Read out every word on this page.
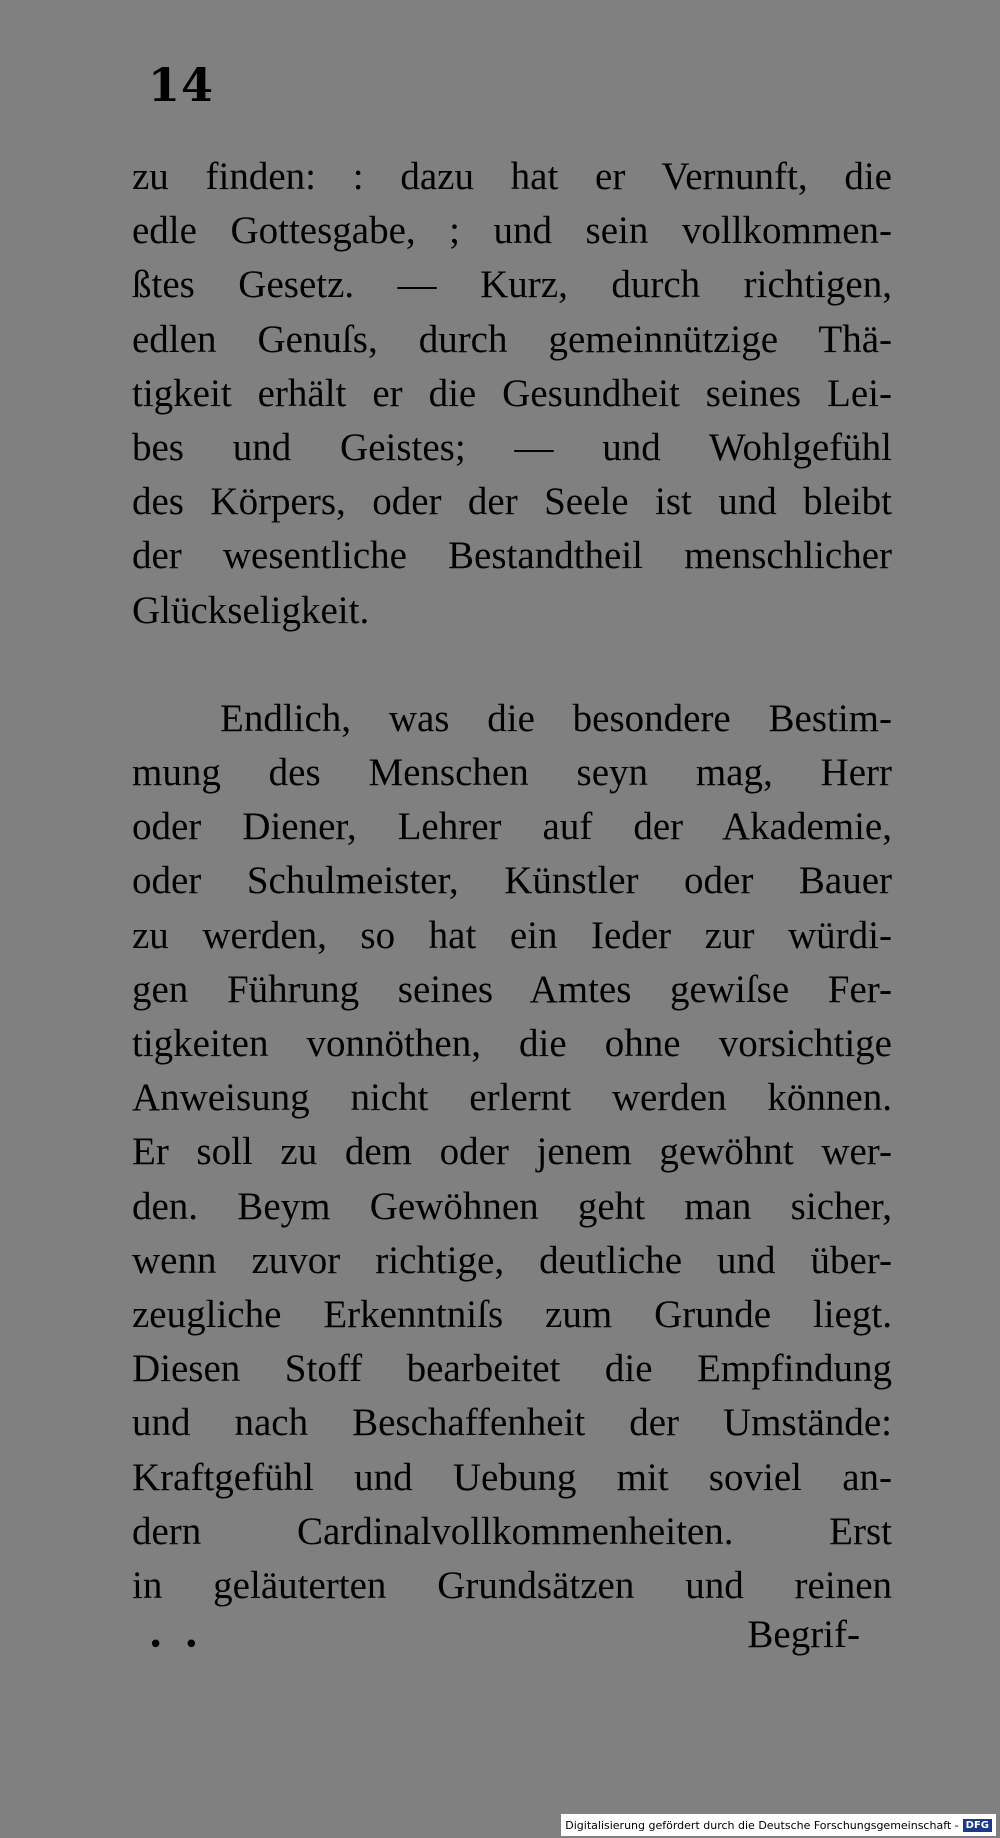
14
zu finden: : dazu hat er Vernunft, die
edle Gottesgabe, ; und sein vollkommen-
ßtes Gesetz. — Kurz, durch richtigen,
edlen Genuſs, durch gemeinnützige Thä-
tigkeit erhält er die Gesundheit seines Lei-
bes und Geistes; — und Wohlgefühl
des Körpers, oder der Seele ist und bleibt
der wesentliche Bestandtheil menschlicher
Glückseligkeit.
Endlich, was die besondere Bestim-
mung des Menschen seyn mag, Herr
oder Diener, Lehrer auf der Akademie,
oder Schulmeister, Künstler oder Bauer
zu werden, so hat ein Ieder zur würdi-
gen Führung seines Amtes gewiſse Fer-
tigkeiten vonnöthen, die ohne vorsichtige
Anweisung nicht erlernt werden können.
Er soll zu dem oder jenem gewöhnt wer-
den. Beym Gewöhnen geht man sicher,
wenn zuvor richtige, deutliche und über-
zeugliche Erkenntniſs zum Grunde liegt.
Diesen Stoff bearbeitet die Empfindung
und nach Beschaffenheit der Umstände:
Kraftgefühl und Uebung mit soviel an-
dern Cardinalvollkommenheiten. Erst
in geläuterten Grundsätzen und reinen
• •	Begrif-
Digitalisierung gefördert durch die Deutsche Forschungsgemeinschaft - DFG
